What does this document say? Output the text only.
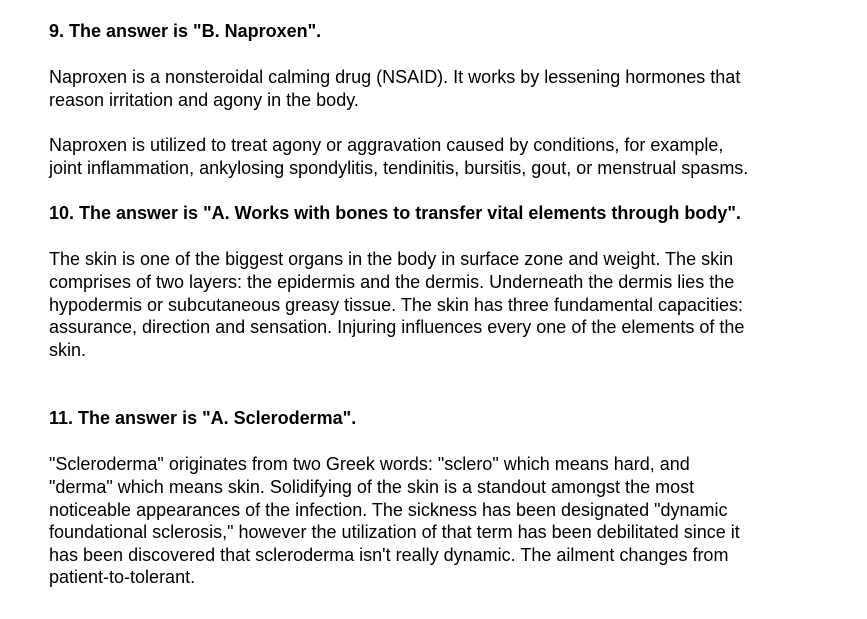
9. The answer is "B. Naproxen".

Naproxen is a nonsteroidal calming drug (NSAID). It works by lessening hormones that
reason irritation and agony in the body.

Naproxen is utilized to treat agony or aggravation caused by conditions, for example,
joint inflammation, ankylosing spondylitis, tendinitis, bursitis, gout, or menstrual spasms.

10. The answer is "A. Works with bones to transfer vital elements through body".

The skin is one of the biggest organs in the body in surface zone and weight. The skin
comprises of two layers: the epidermis and the dermis. Underneath the dermis lies the
hypodermis or subcutaneous greasy tissue. The skin has three fundamental capacities:
assurance, direction and sensation. Injuring influences every one of the elements of the
skin.

11. The answer is "A. Scleroderma".

"Scleroderma" originates from two Greek words: "sclero" which means hard, and
"derma" which means skin. Solidifying of the skin is a standout amongst the most
noticeable appearances of the infection. The sickness has been designated "dynamic
foundational sclerosis," however the utilization of that term has been debilitated since it
has been discovered that scleroderma isn't really dynamic. The ailment changes from
patient-to-tolerant.
